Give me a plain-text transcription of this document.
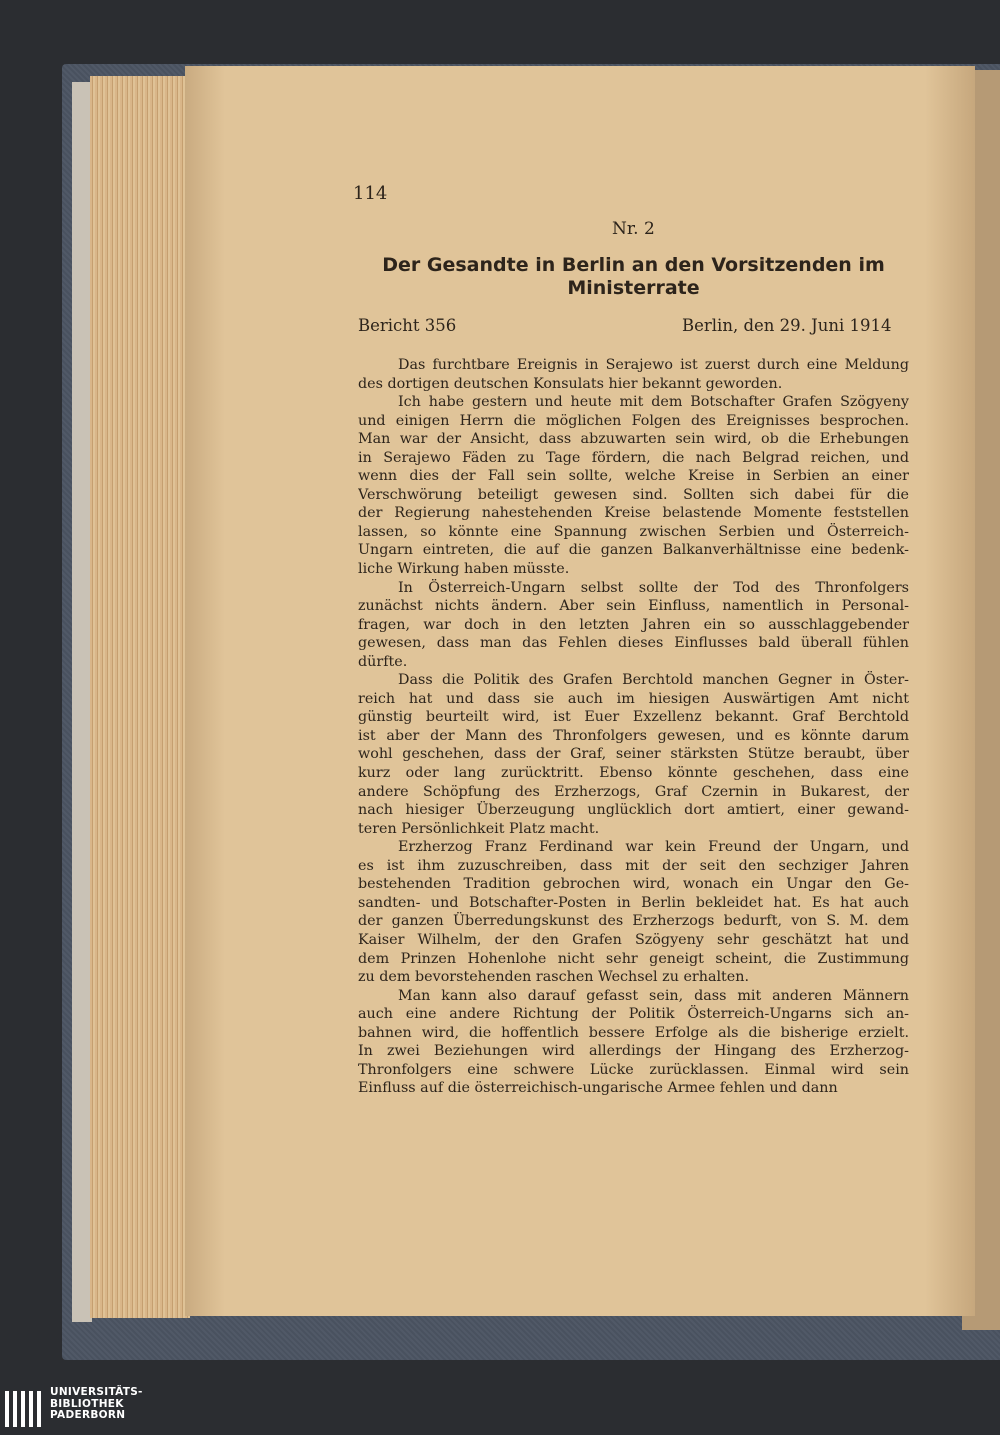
114
Nr. 2
Der Gesandte in Berlin an den Vorsitzenden im
Ministerrate
Bericht 356	Berlin, den 29. Juni 1914
Das furchtbare Ereignis in Serajewo ist zuerst durch eine Meldung
des dortigen deutschen Konsulats hier bekannt geworden.
Ich habe gestern und heute mit dem Botschafter Grafen Szögyeny
und einigen Herrn die möglichen Folgen des Ereignisses besprochen.
Man war der Ansicht, dass abzuwarten sein wird, ob die Erhebungen
in Serajewo Fäden zu Tage fördern, die nach Belgrad reichen, und
wenn dies der Fall sein sollte, welche Kreise in Serbien an einer
Verschwörung beteiligt gewesen sind. Sollten sich dabei für die
der Regierung nahestehenden Kreise belastende Momente feststellen
lassen, so könnte eine Spannung zwischen Serbien und Österreich-
Ungarn eintreten, die auf die ganzen Balkanverhältnisse eine bedenk-
liche Wirkung haben müsste.
In Österreich-Ungarn selbst sollte der Tod des Thronfolgers
zunächst nichts ändern. Aber sein Einfluss, namentlich in Personal-
fragen, war doch in den letzten Jahren ein so ausschlaggebender
gewesen, dass man das Fehlen dieses Einflusses bald überall fühlen
dürfte.
Dass die Politik des Grafen Berchtold manchen Gegner in Öster-
reich hat und dass sie auch im hiesigen Auswärtigen Amt nicht
günstig beurteilt wird, ist Euer Exzellenz bekannt. Graf Berchtold
ist aber der Mann des Thronfolgers gewesen, und es könnte darum
wohl geschehen, dass der Graf, seiner stärksten Stütze beraubt, über
kurz oder lang zurücktritt. Ebenso könnte geschehen, dass eine
andere Schöpfung des Erzherzogs, Graf Czernin in Bukarest, der
nach hiesiger Überzeugung unglücklich dort amtiert, einer gewand-
teren Persönlichkeit Platz macht.
Erzherzog Franz Ferdinand war kein Freund der Ungarn, und
es ist ihm zuzuschreiben, dass mit der seit den sechziger Jahren
bestehenden Tradition gebrochen wird, wonach ein Ungar den Ge-
sandten- und Botschafter-Posten in Berlin bekleidet hat. Es hat auch
der ganzen Überredungskunst des Erzherzogs bedurft, von S. M. dem
Kaiser Wilhelm, der den Grafen Szögyeny sehr geschätzt hat und
dem Prinzen Hohenlohe nicht sehr geneigt scheint, die Zustimmung
zu dem bevorstehenden raschen Wechsel zu erhalten.
Man kann also darauf gefasst sein, dass mit anderen Männern
auch eine andere Richtung der Politik Österreich-Ungarns sich an-
bahnen wird, die hoffentlich bessere Erfolge als die bisherige erzielt.
In zwei Beziehungen wird allerdings der Hingang des Erzherzog-
Thronfolgers eine schwere Lücke zurücklassen. Einmal wird sein
Einfluss auf die österreichisch-ungarische Armee fehlen und dann
UNIVERSITÄTS-
BIBLIOTHEK
PADERBORN
